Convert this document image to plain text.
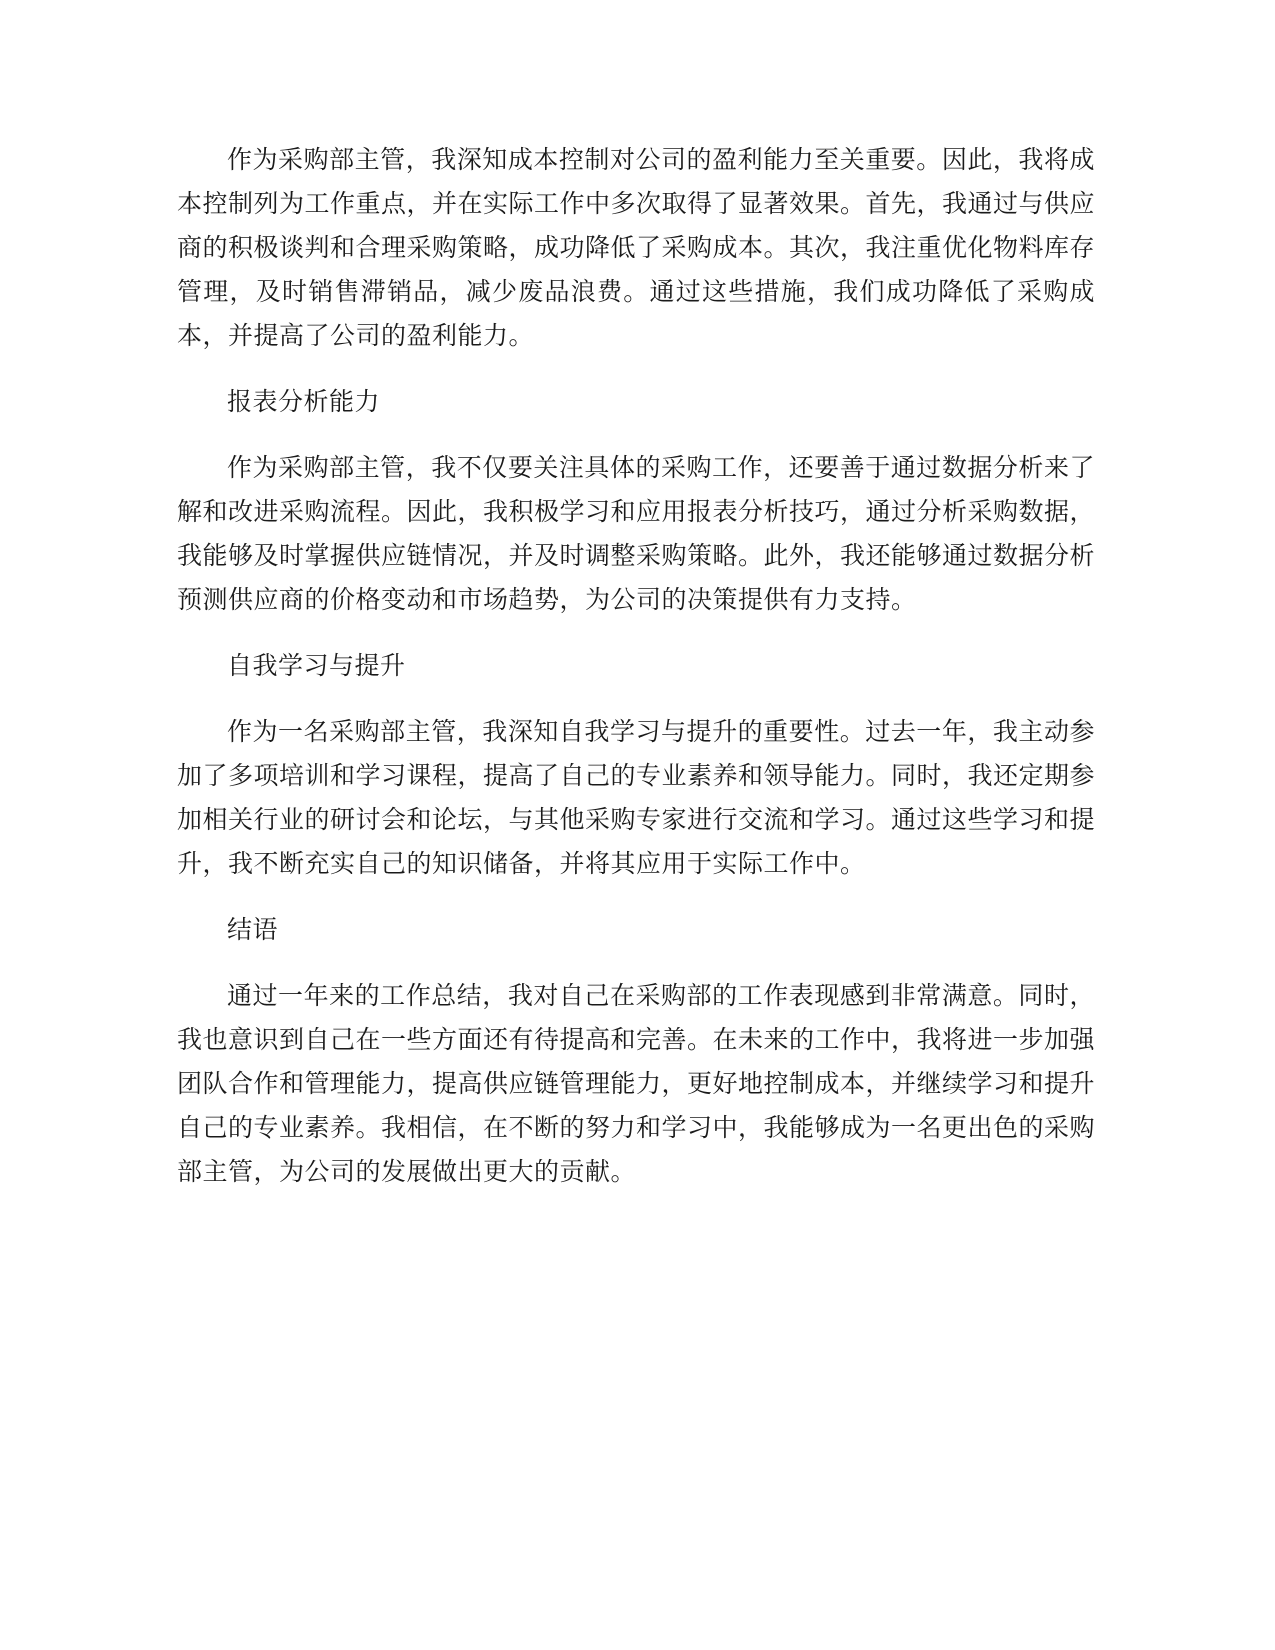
作为采购部主管，我深知成本控制对公司的盈利能力至关重要。因此，我将成本控制列为工作重点，并在实际工作中多次取得了显著效果。首先，我通过与供应商的积极谈判和合理采购策略，成功降低了采购成本。其次，我注重优化物料库存管理，及时销售滞销品，减少废品浪费。通过这些措施，我们成功降低了采购成本，并提高了公司的盈利能力。

报表分析能力

作为采购部主管，我不仅要关注具体的采购工作，还要善于通过数据分析来了解和改进采购流程。因此，我积极学习和应用报表分析技巧，通过分析采购数据，我能够及时掌握供应链情况，并及时调整采购策略。此外，我还能够通过数据分析预测供应商的价格变动和市场趋势，为公司的决策提供有力支持。

自我学习与提升

作为一名采购部主管，我深知自我学习与提升的重要性。过去一年，我主动参加了多项培训和学习课程，提高了自己的专业素养和领导能力。同时，我还定期参加相关行业的研讨会和论坛，与其他采购专家进行交流和学习。通过这些学习和提升，我不断充实自己的知识储备，并将其应用于实际工作中。

结语

通过一年来的工作总结，我对自己在采购部的工作表现感到非常满意。同时，我也意识到自己在一些方面还有待提高和完善。在未来的工作中，我将进一步加强团队合作和管理能力，提高供应链管理能力，更好地控制成本，并继续学习和提升自己的专业素养。我相信，在不断的努力和学习中，我能够成为一名更出色的采购部主管，为公司的发展做出更大的贡献。
